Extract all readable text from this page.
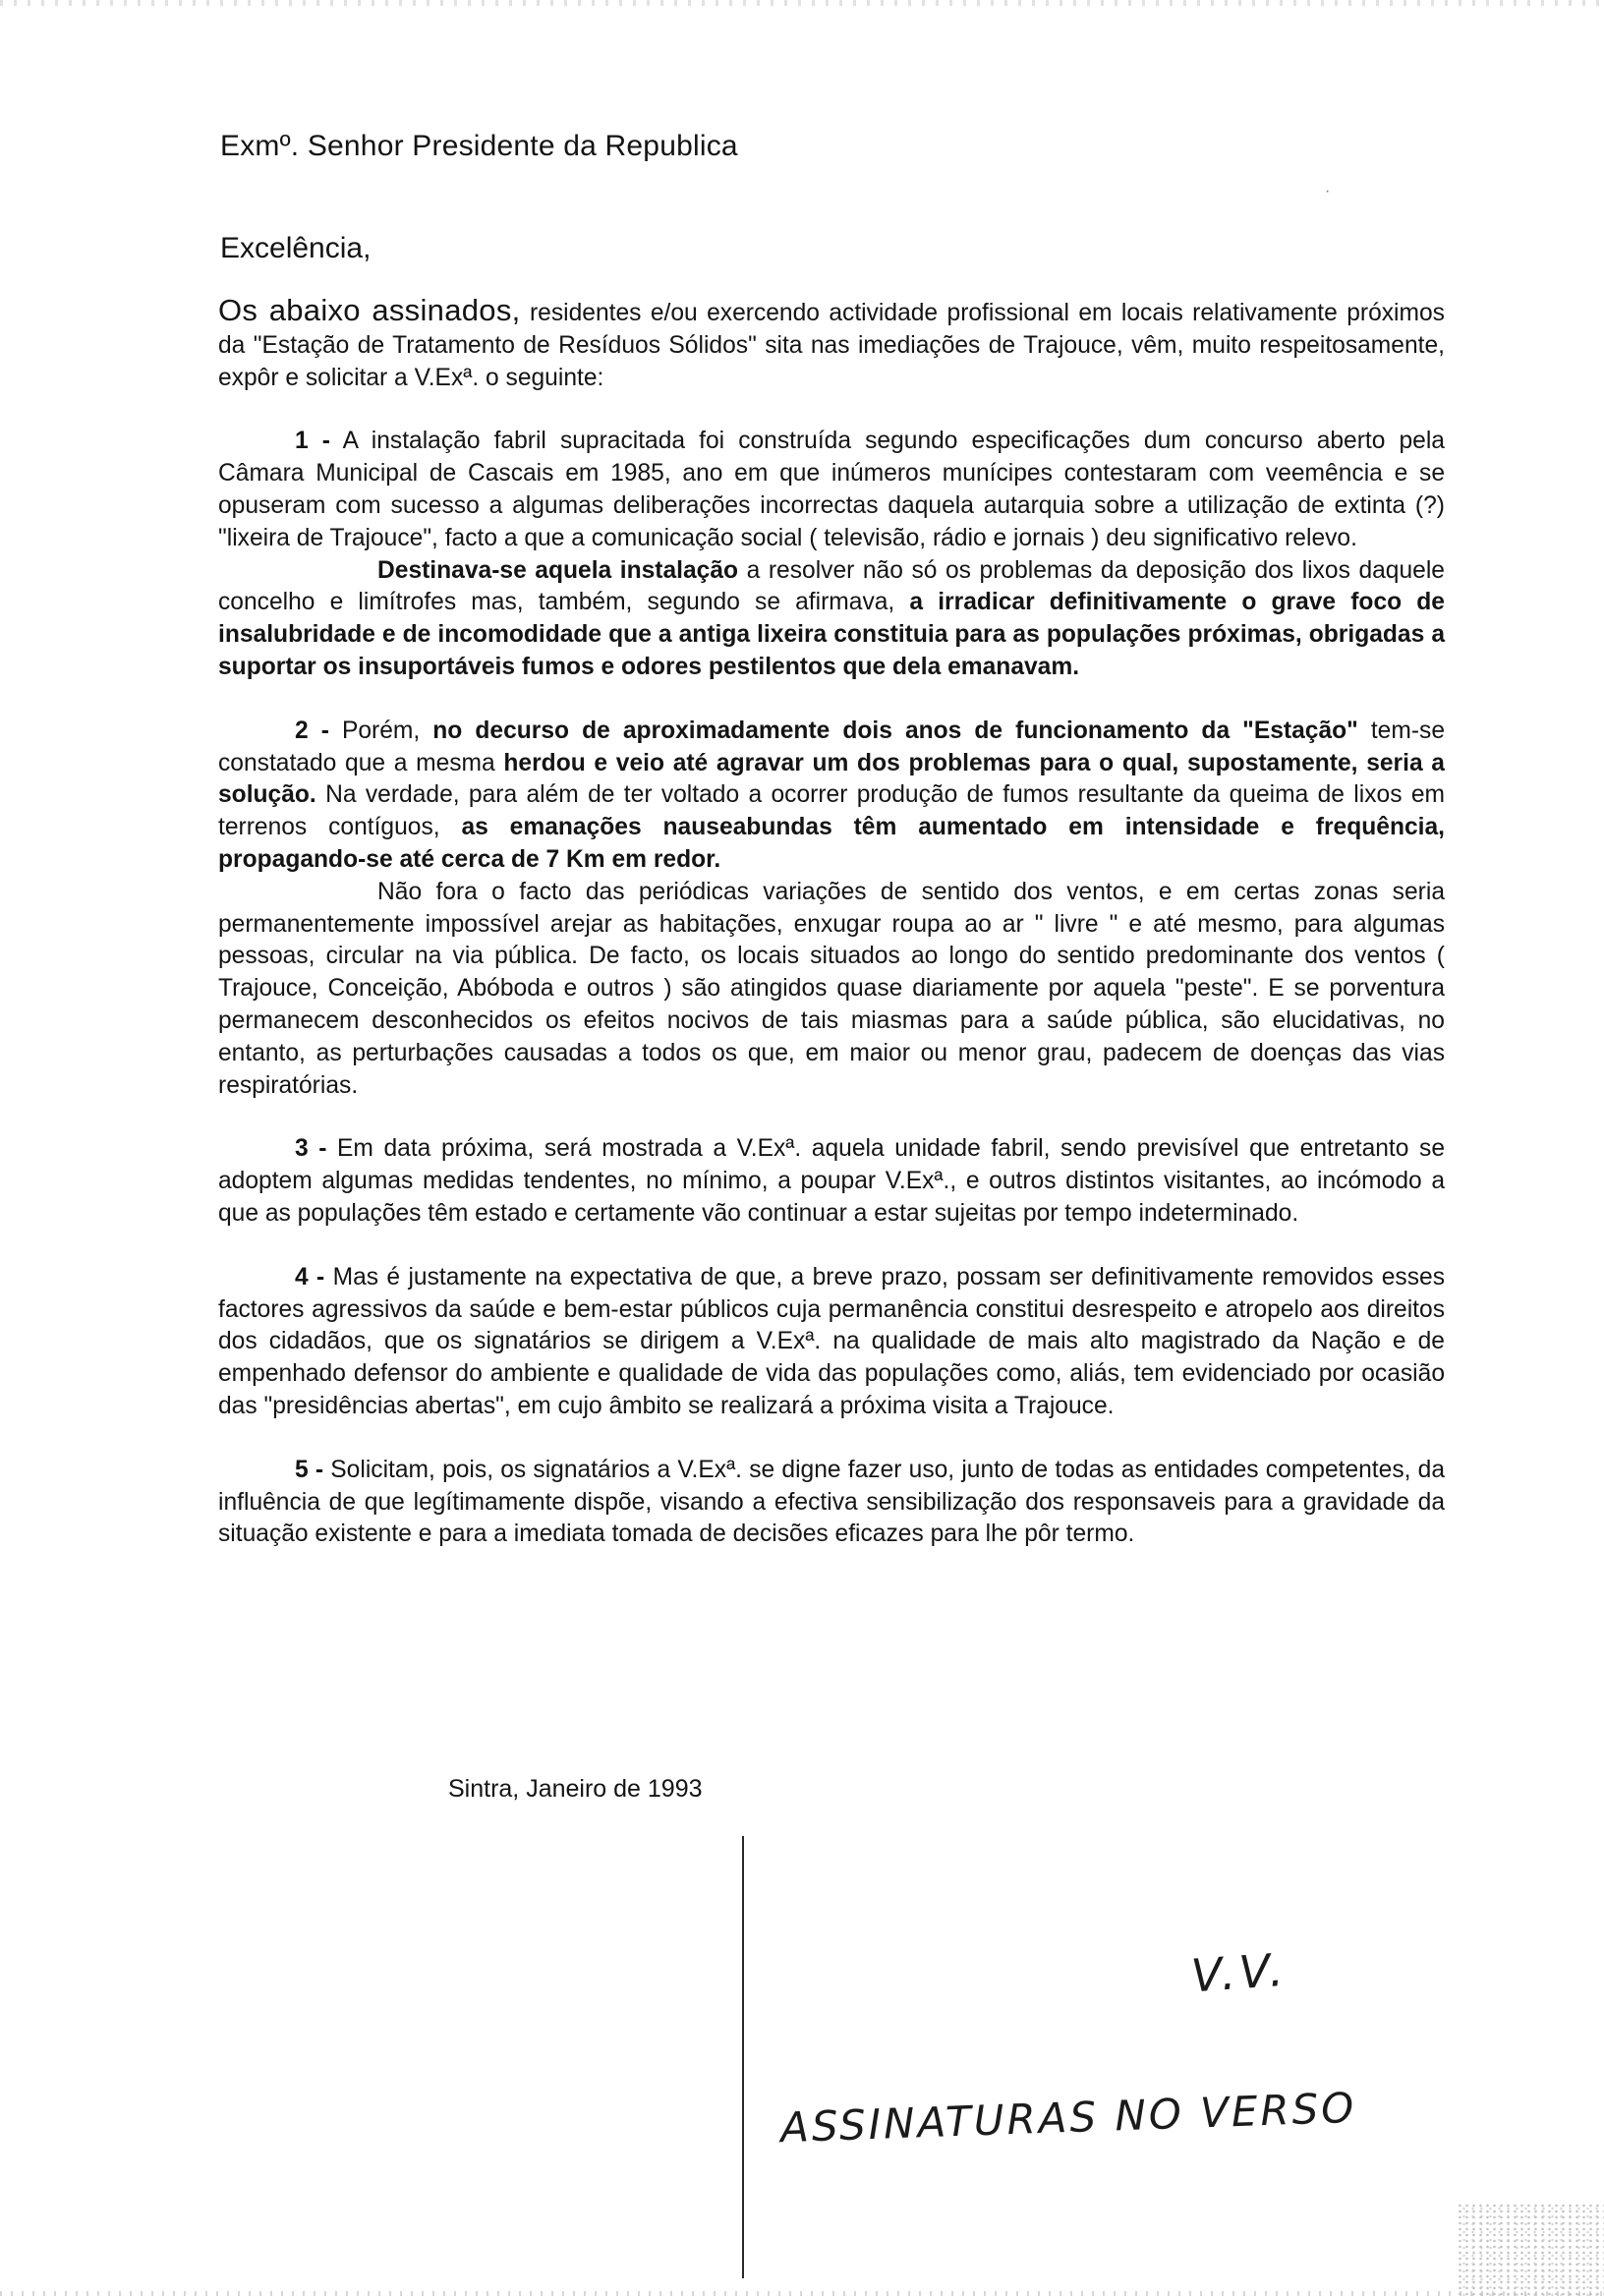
·
Exmº. Senhor Presidente da Republica
Excelência,

Os abaixo assinados, residentes e/ou exercendo actividade profissional em locais relativamente próximos da "Estação de Tratamento de Resíduos Sólidos" sita nas imediações de Trajouce, vêm, muito respeitosamente, expôr e solicitar a V.Exª. o seguinte:

1 - A instalação fabril supracitada foi construída segundo especificações dum concurso aberto pela Câmara Municipal de Cascais em 1985, ano em que inúmeros munícipes contestaram com veemência e se opuseram com sucesso a algumas deliberações incorrectas daquela autarquia sobre a utilização de extinta (?) "lixeira de Trajouce", facto a que a comunicação social ( televisão, rádio e jornais ) deu significativo relevo.

Destinava-se aquela instalação a resolver não só os problemas da deposição dos lixos daquele concelho e limítrofes mas, também, segundo se afirmava, a irradicar definitivamente o grave foco de insalubridade e de incomodidade que a antiga lixeira constituia para as populações próximas, obrigadas a suportar os insuportáveis fumos e odores pestilentos que dela emanavam.

2 - Porém, no decurso de aproximadamente dois anos de funcionamento da "Estação" tem-se constatado que a mesma herdou e veio até agravar um dos problemas para o qual, supostamente, seria a solução. Na verdade, para além de ter voltado a ocorrer produção de fumos resultante da queima de lixos em terrenos contíguos, as emanações nauseabundas têm aumentado em intensidade e frequência, propagando-se até cerca de 7 Km em redor.

Não fora o facto das periódicas variações de sentido dos ventos, e em certas zonas seria permanentemente impossível arejar as habitações, enxugar roupa ao ar " livre " e até mesmo, para algumas pessoas, circular na via pública. De facto, os locais situados ao longo do sentido predominante dos ventos ( Trajouce, Conceição, Abóboda e outros ) são atingidos quase diariamente por aquela "peste". E se porventura permanecem desconhecidos os efeitos nocivos de tais miasmas para a saúde pública, são elucidativas, no entanto, as perturbações causadas a todos os que, em maior ou menor grau, padecem de doenças das vias respiratórias.

3 - Em data próxima, será mostrada a V.Exª. aquela unidade fabril, sendo previsível que entretanto se adoptem algumas medidas tendentes, no mínimo, a poupar V.Exª., e outros distintos visitantes, ao incómodo a que as populações têm estado e certamente vão continuar a estar sujeitas por tempo indeterminado.

4 - Mas é justamente na expectativa de que, a breve prazo, possam ser definitivamente removidos esses factores agressivos da saúde e bem-estar públicos cuja permanência constitui desrespeito e atropelo aos direitos dos cidadãos, que os signatários se dirigem a V.Exª. na qualidade de mais alto magistrado da Nação e de empenhado defensor do ambiente e qualidade de vida das populações como, aliás, tem evidenciado por ocasião das "presidências abertas", em cujo âmbito se realizará a próxima visita a Trajouce.

5 - Solicitam, pois, os signatários a V.Exª. se digne fazer uso, junto de todas as entidades competentes, da influência de que legítimamente dispõe, visando a efectiva sensibilização dos responsaveis para a gravidade da situação existente e para a imediata tomada de decisões eficazes para lhe pôr termo.

Sintra, Janeiro de 1993
V.V.
ASSINATURAS NO VERSO
